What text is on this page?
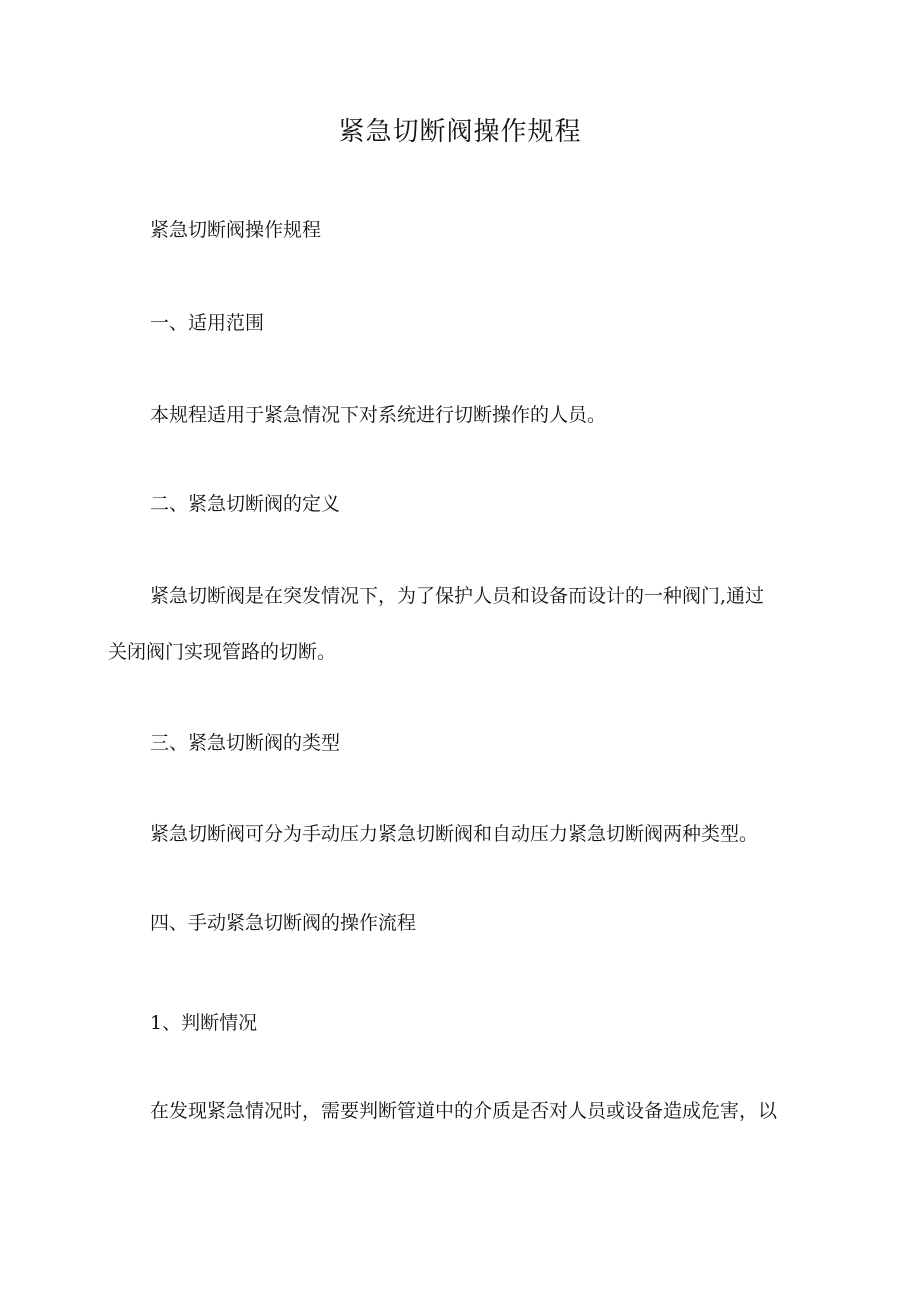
紧急切断阀操作规程

紧急切断阀操作规程

一、适用范围

本规程适用于紧急情况下对系统进行切断操作的人员。

二、紧急切断阀的定义

紧急切断阀是在突发情况下，为了保护人员和设备而设计的一种阀门,通过

关闭阀门实现管路的切断。

三、紧急切断阀的类型

紧急切断阀可分为手动压力紧急切断阀和自动压力紧急切断阀两种类型。

四、手动紧急切断阀的操作流程

1、判断情况

在发现紧急情况时，需要判断管道中的介质是否对人员或设备造成危害，以
